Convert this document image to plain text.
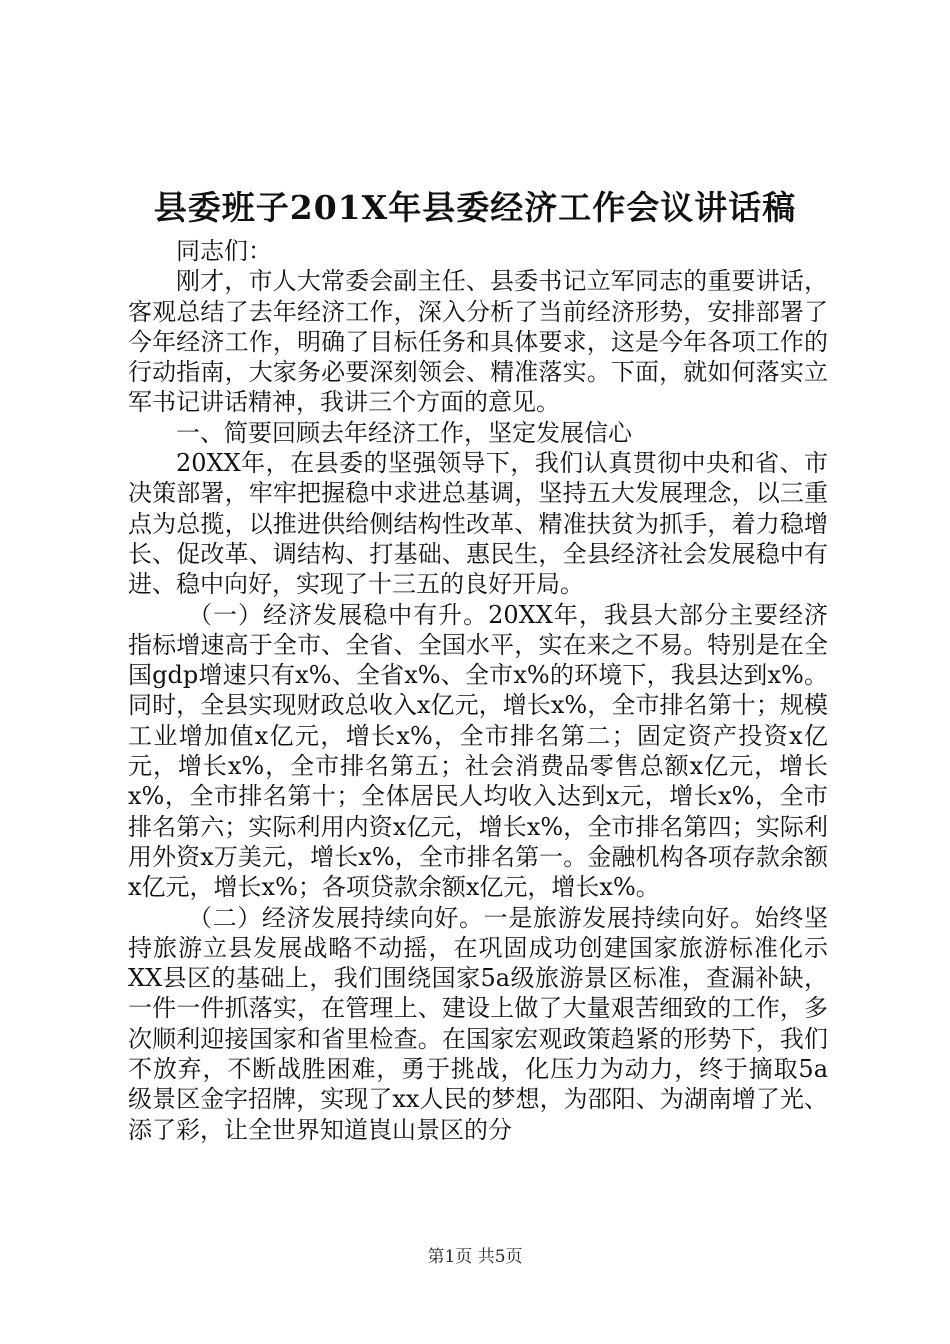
县委班子201X年县委经济工作会议讲话稿

同志们：

刚才，市人大常委会副主任、县委书记立军同志的重要讲话，客观总结了去年经济工作，深入分析了当前经济形势，安排部署了今年经济工作，明确了目标任务和具体要求，这是今年各项工作的行动指南，大家务必要深刻领会、精准落实。下面，就如何落实立军书记讲话精神，我讲三个方面的意见。

一、简要回顾去年经济工作，坚定发展信心

20XX年，在县委的坚强领导下，我们认真贯彻中央和省、市决策部署，牢牢把握稳中求进总基调，坚持五大发展理念，以三重点为总揽，以推进供给侧结构性改革、精准扶贫为抓手，着力稳增长、促改革、调结构、打基础、惠民生，全县经济社会发展稳中有进、稳中向好，实现了十三五的良好开局。

（一）经济发展稳中有升。20XX年，我县大部分主要经济指标增速高于全市、全省、全国水平，实在来之不易。特别是在全国gdp增速只有x%、全省x%、全市x%的环境下，我县达到x%。同时，全县实现财政总收入x亿元，增长x%，全市排名第十；规模工业增加值x亿元，增长x%，全市排名第二；固定资产投资x亿元，增长x%，全市排名第五；社会消费品零售总额x亿元，增长x%，全市排名第十；全体居民人均收入达到x元，增长x%，全市排名第六；实际利用内资x亿元，增长x%，全市排名第四；实际利用外资x万美元，增长x%，全市排名第一。金融机构各项存款余额x亿元，增长x%；各项贷款余额x亿元，增长x%。

（二）经济发展持续向好。一是旅游发展持续向好。始终坚持旅游立县发展战略不动摇，在巩固成功创建国家旅游标准化示XX县区的基础上，我们围绕国家5a级旅游景区标准，查漏补缺，一件一件抓落实，在管理上、建设上做了大量艰苦细致的工作，多次顺利迎接国家和省里检查。在国家宏观政策趋紧的形势下，我们不放弃，不断战胜困难，勇于挑战，化压力为动力，终于摘取5a级景区金字招牌，实现了xx人民的梦想，为邵阳、为湖南增了光、添了彩，让全世界知道崀山景区的分

第1页 共5页
